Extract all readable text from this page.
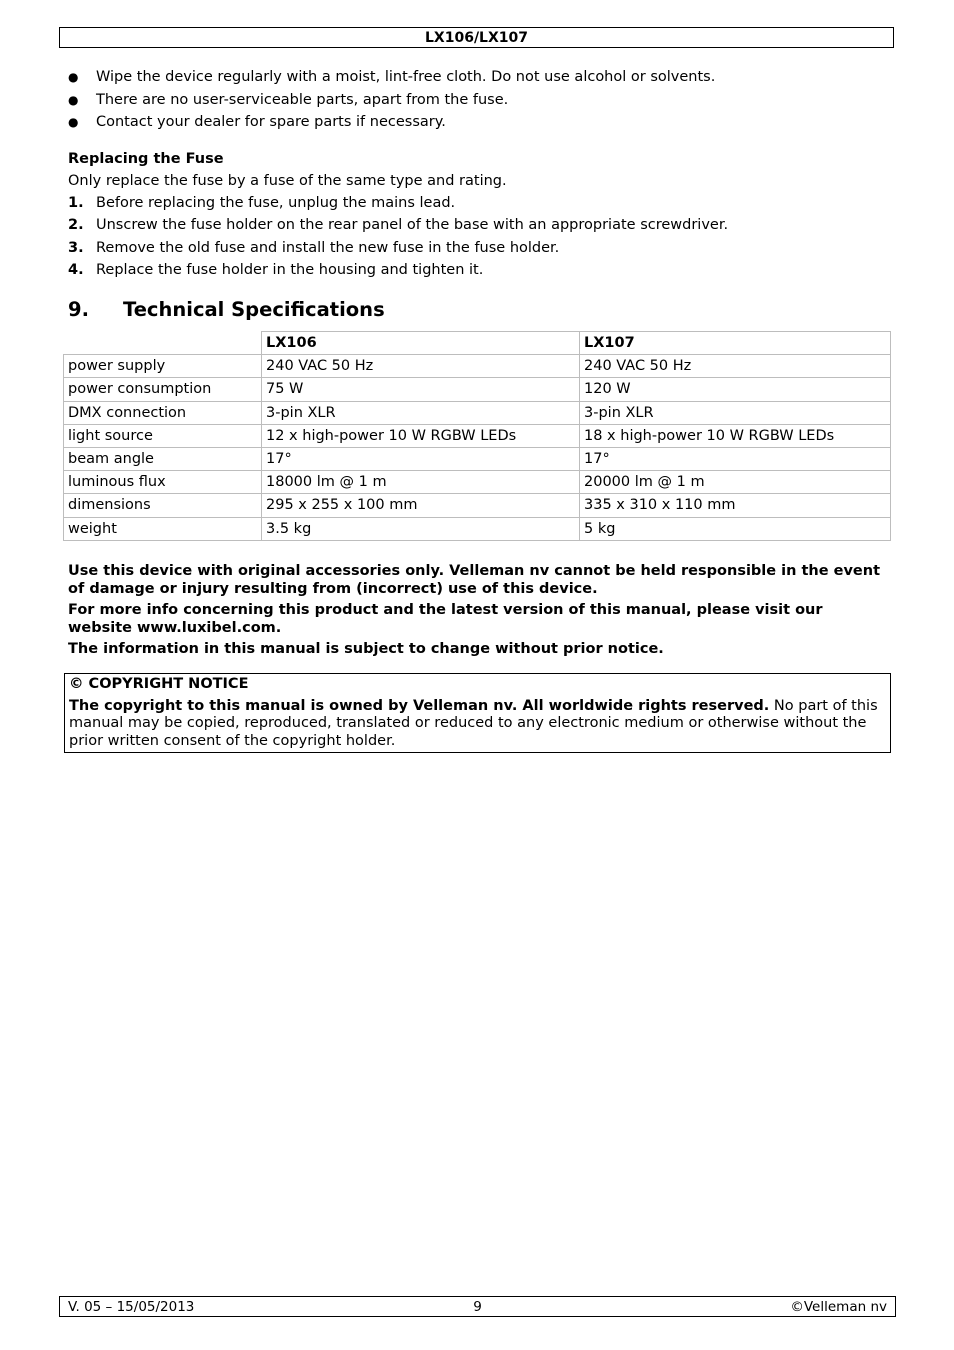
LX106/LX107
● Wipe the device regularly with a moist, lint-free cloth. Do not use alcohol or solvents.
● There are no user-serviceable parts, apart from the fuse.
● Contact your dealer for spare parts if necessary.
Replacing the Fuse
Only replace the fuse by a fuse of the same type and rating.
1. Before replacing the fuse, unplug the mains lead.
2. Unscrew the fuse holder on the rear panel of the base with an appropriate screwdriver.
3. Remove the old fuse and install the new fuse in the fuse holder.
4. Replace the fuse holder in the housing and tighten it.
9. Technical Specifications
	LX106	LX107
power supply	240 VAC 50 Hz	240 VAC 50 Hz
power consumption	75 W	120 W
DMX connection	3-pin XLR	3-pin XLR
light source	12 x high-power 10 W RGBW LEDs	18 x high-power 10 W RGBW LEDs
beam angle	17°	17°
luminous flux	18000 lm @ 1 m	20000 lm @ 1 m
dimensions	295 x 255 x 100 mm	335 x 310 x 110 mm
weight	3.5 kg	5 kg

Use this device with original accessories only. Velleman nv cannot be held responsible in the event of damage or injury resulting from (incorrect) use of this device.

For more info concerning this product and the latest version of this manual, please visit our website www.luxibel.com.

The information in this manual is subject to change without prior notice.

© COPYRIGHT NOTICE
The copyright to this manual is owned by Velleman nv. All worldwide rights reserved. No part of this manual may be copied, reproduced, translated or reduced to any electronic medium or otherwise without the prior written consent of the copyright holder.
V. 05 – 15/05/2013	9	©Velleman nv
